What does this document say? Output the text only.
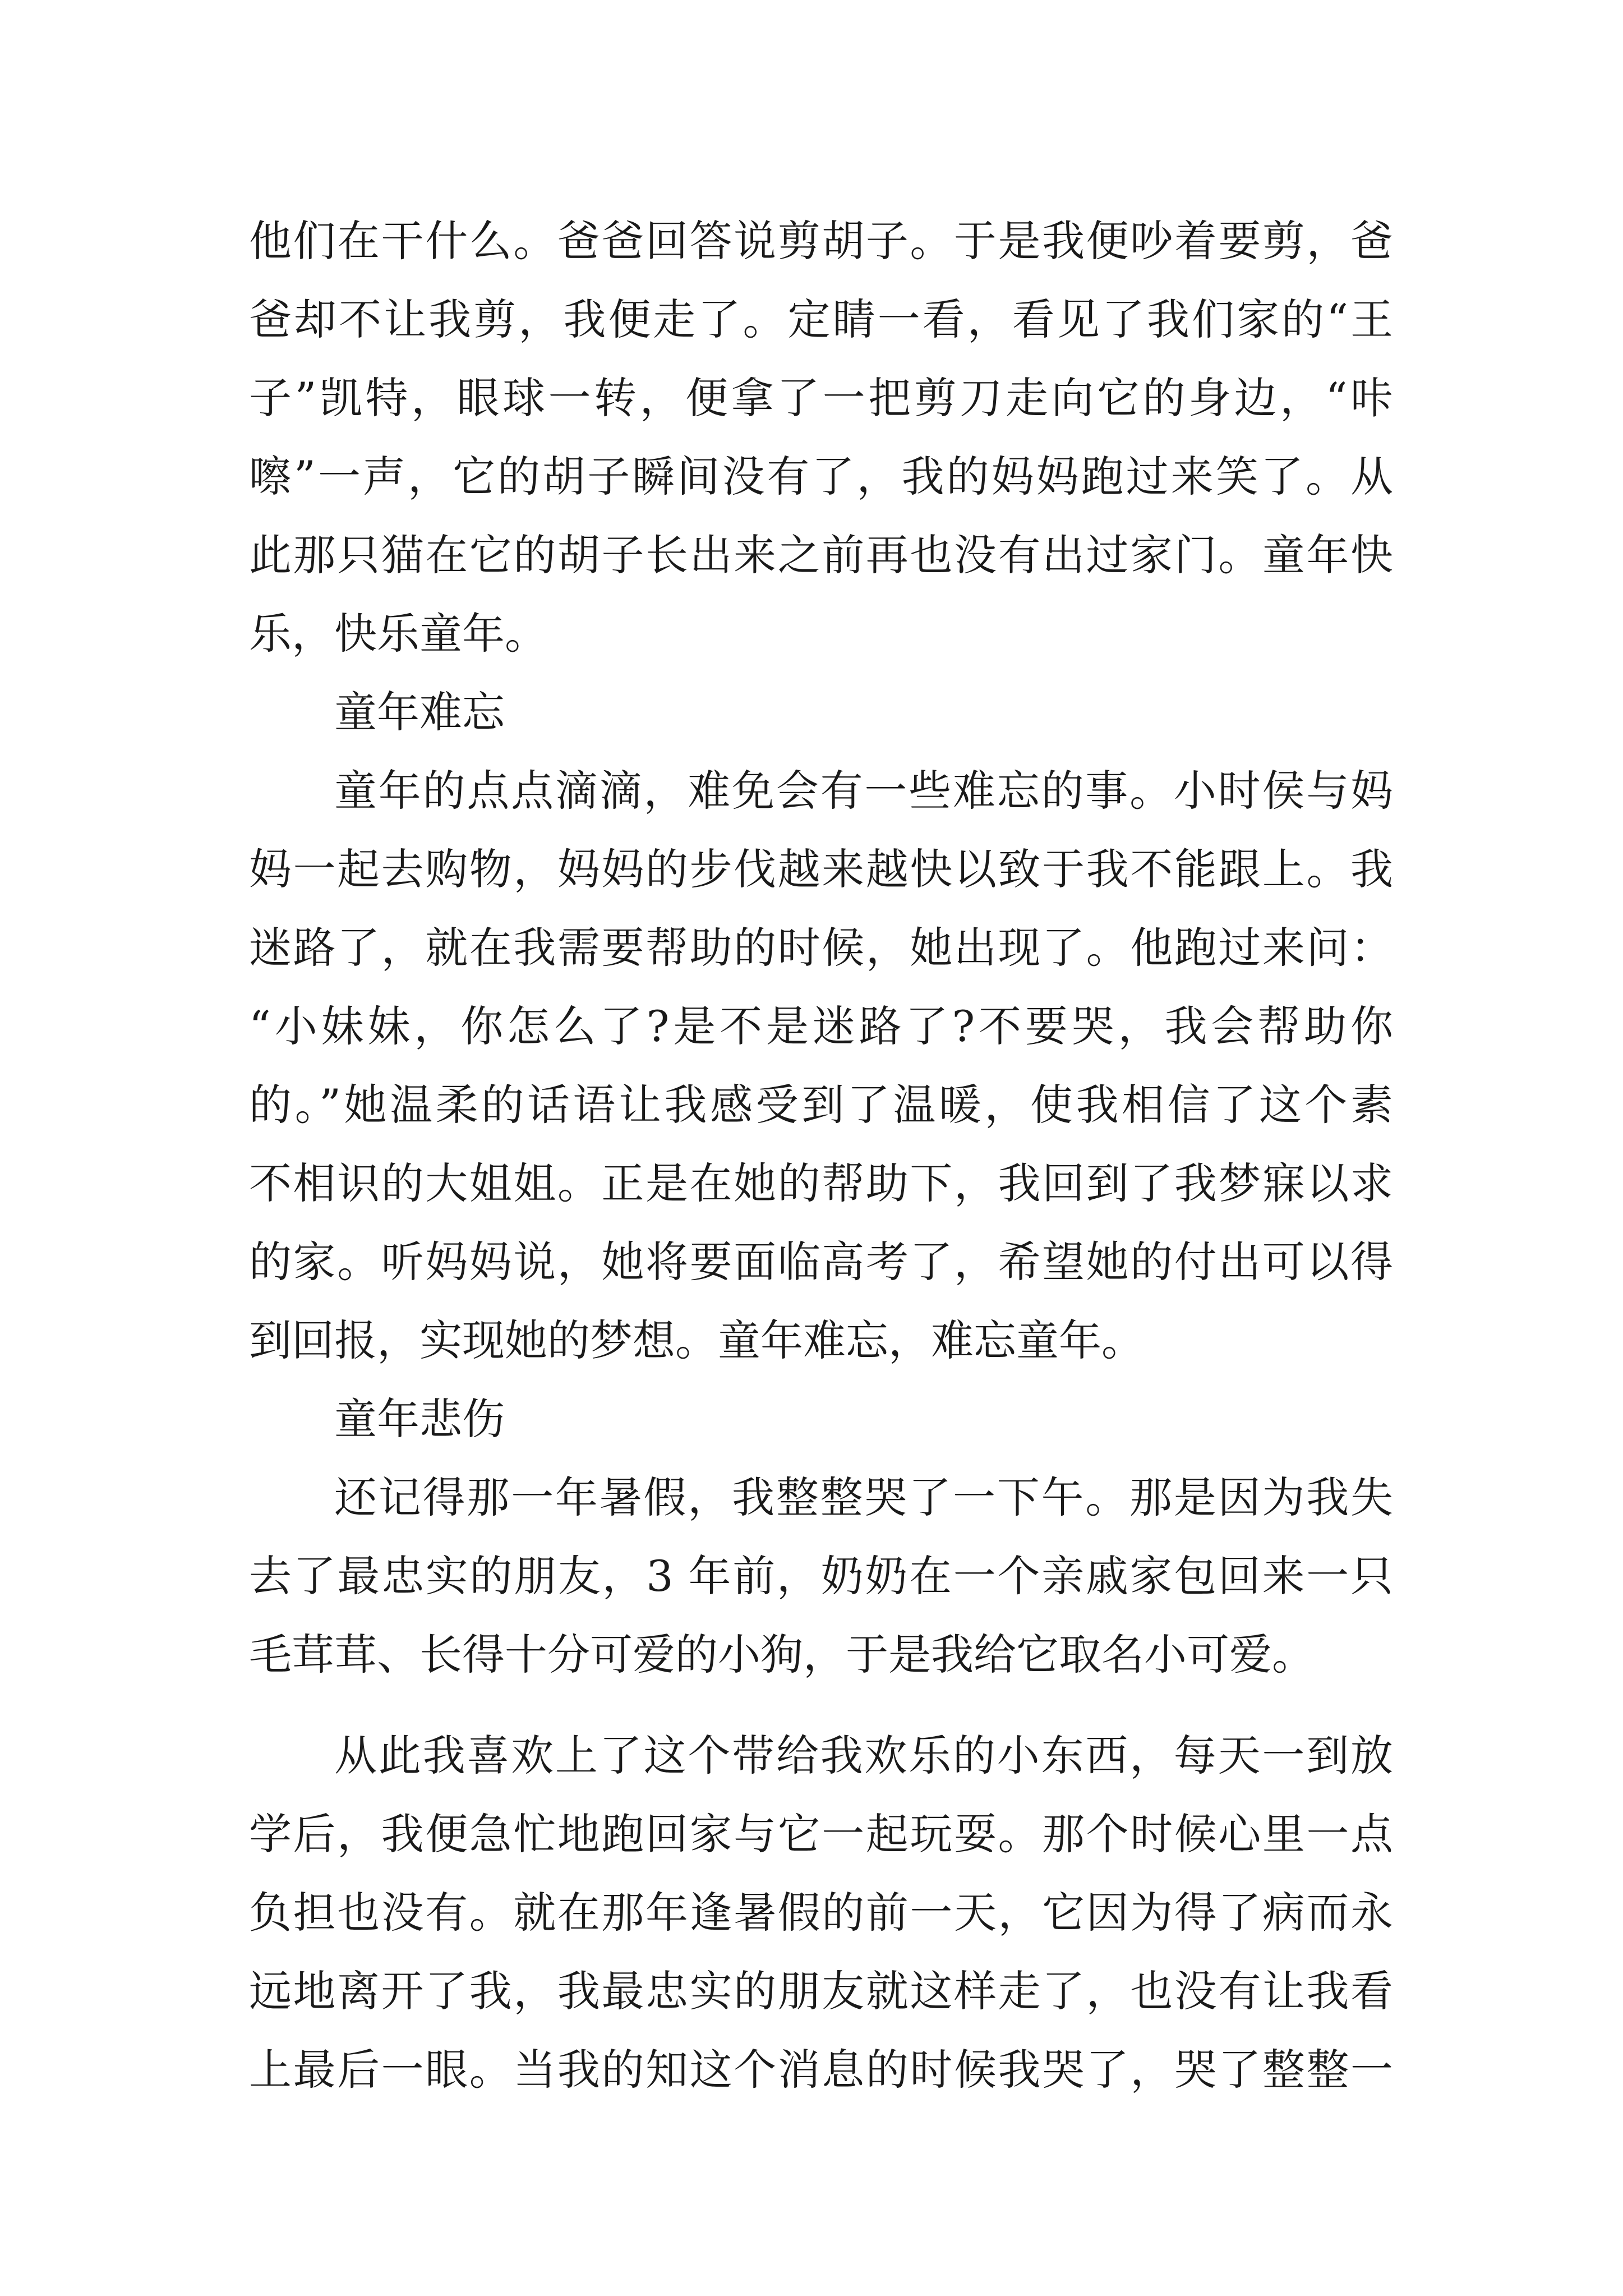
他们在干什么。爸爸回答说剪胡子。于是我便吵着要剪，爸
爸却不让我剪，我便走了。定睛一看，看见了我们家的“王
子”凯特，眼球一转，便拿了一把剪刀走向它的身边，“咔
嚓”一声，它的胡子瞬间没有了，我的妈妈跑过来笑了。从
此那只猫在它的胡子长出来之前再也没有出过家门。童年快
乐，快乐童年。
童年难忘
童年的点点滴滴，难免会有一些难忘的事。小时侯与妈
妈一起去购物，妈妈的步伐越来越快以致于我不能跟上。我
迷路了，就在我需要帮助的时候，她出现了。他跑过来问：
“小妹妹，你怎么了?是不是迷路了?不要哭，我会帮助你
的。”她温柔的话语让我感受到了温暖，使我相信了这个素
不相识的大姐姐。正是在她的帮助下，我回到了我梦寐以求
的家。听妈妈说，她将要面临高考了，希望她的付出可以得
到回报，实现她的梦想。童年难忘，难忘童年。
童年悲伤
还记得那一年暑假，我整整哭了一下午。那是因为我失
去了最忠实的朋友，3 年前，奶奶在一个亲戚家包回来一只
毛茸茸、长得十分可爱的小狗，于是我给它取名小可爱。
从此我喜欢上了这个带给我欢乐的小东西，每天一到放
学后，我便急忙地跑回家与它一起玩耍。那个时候心里一点
负担也没有。就在那年逢暑假的前一天，它因为得了病而永
远地离开了我，我最忠实的朋友就这样走了，也没有让我看
上最后一眼。当我的知这个消息的时候我哭了，哭了整整一
